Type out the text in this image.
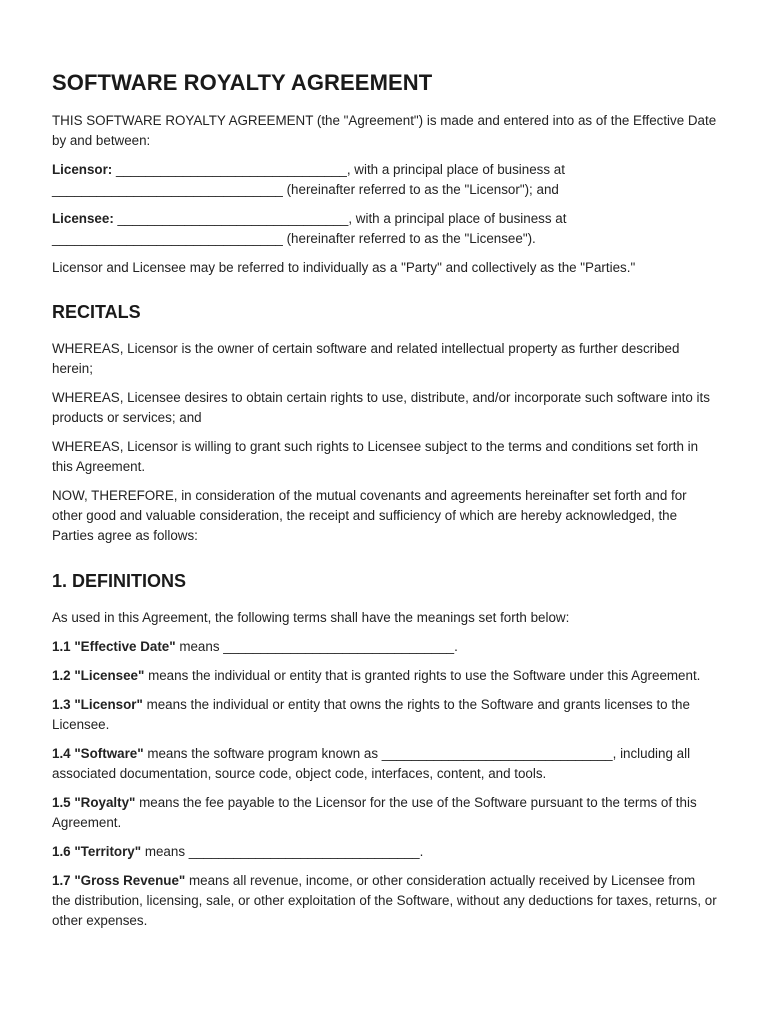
SOFTWARE ROYALTY AGREEMENT

THIS SOFTWARE ROYALTY AGREEMENT (the "Agreement") is made and entered into as of the Effective Date by and between:

Licensor: _______________________________, with a principal place of business at _______________________________ (hereinafter referred to as the "Licensor"); and

Licensee: _______________________________, with a principal place of business at _______________________________ (hereinafter referred to as the "Licensee").

Licensor and Licensee may be referred to individually as a "Party" and collectively as the "Parties."

RECITALS

WHEREAS, Licensor is the owner of certain software and related intellectual property as further described herein;

WHEREAS, Licensee desires to obtain certain rights to use, distribute, and/or incorporate such software into its products or services; and

WHEREAS, Licensor is willing to grant such rights to Licensee subject to the terms and conditions set forth in this Agreement.

NOW, THEREFORE, in consideration of the mutual covenants and agreements hereinafter set forth and for other good and valuable consideration, the receipt and sufficiency of which are hereby acknowledged, the Parties agree as follows:

1. DEFINITIONS

As used in this Agreement, the following terms shall have the meanings set forth below:

1.1 "Effective Date" means _______________________________.

1.2 "Licensee" means the individual or entity that is granted rights to use the Software under this Agreement.

1.3 "Licensor" means the individual or entity that owns the rights to the Software and grants licenses to the Licensee.

1.4 "Software" means the software program known as _______________________________, including all associated documentation, source code, object code, interfaces, content, and tools.

1.5 "Royalty" means the fee payable to the Licensor for the use of the Software pursuant to the terms of this Agreement.

1.6 "Territory" means _______________________________.

1.7 "Gross Revenue" means all revenue, income, or other consideration actually received by Licensee from the distribution, licensing, sale, or other exploitation of the Software, without any deductions for taxes, returns, or other expenses.
